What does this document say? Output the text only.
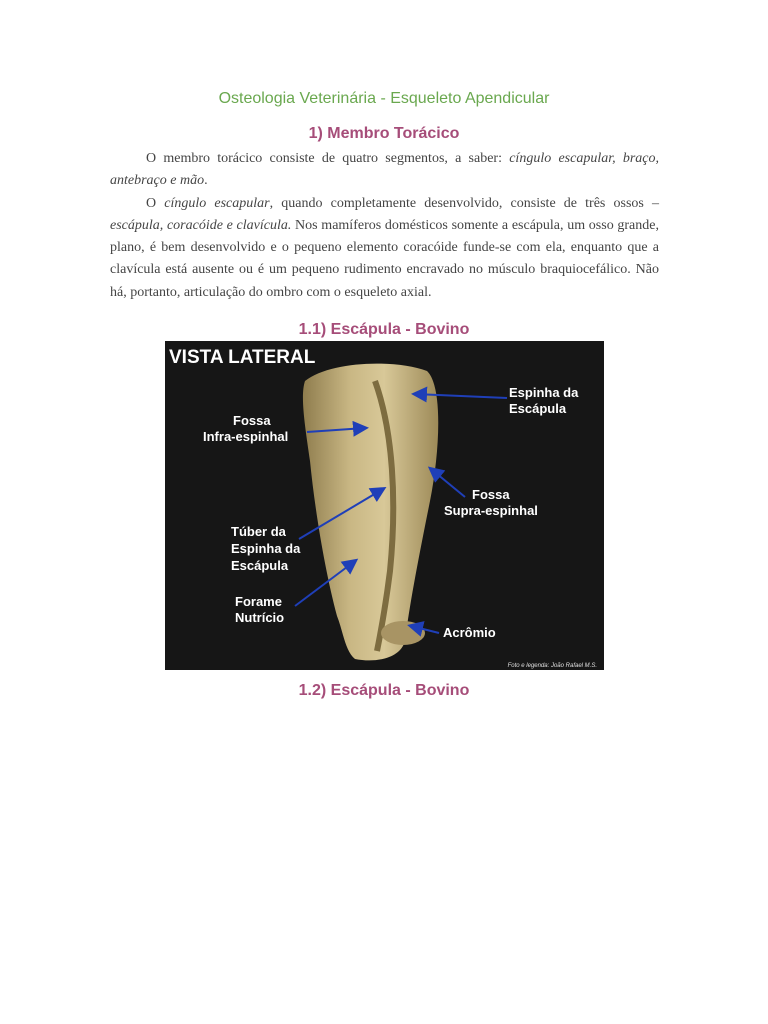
Osteologia Veterinária - Esqueleto Apendicular
1) Membro Torácico

O membro torácico consiste de quatro segmentos, a saber: cíngulo escapular, braço, antebraço e mão.

O cíngulo escapular, quando completamente desenvolvido, consiste de três ossos – escápula, coracóide e clavícula. Nos mamíferos domésticos somente a escápula, um osso grande, plano, é bem desenvolvido e o pequeno elemento coracóide funde-se com ela, enquanto que a clavícula está ausente ou é um pequeno rudimento encravado no músculo braquiocefálico. Não há, portanto, articulação do ombro com o esqueleto axial.

1.1) Escápula - Bovino
VISTA LATERAL
Espinha da
Escápula
Fossa
Infra-espinhal
Fossa
Supra-espinhal
Túber da
Espinha da
Escápula
Forame
Nutrício
Acrômio
Foto e legenda: João Rafael M.S.
1.2) Escápula - Bovino
